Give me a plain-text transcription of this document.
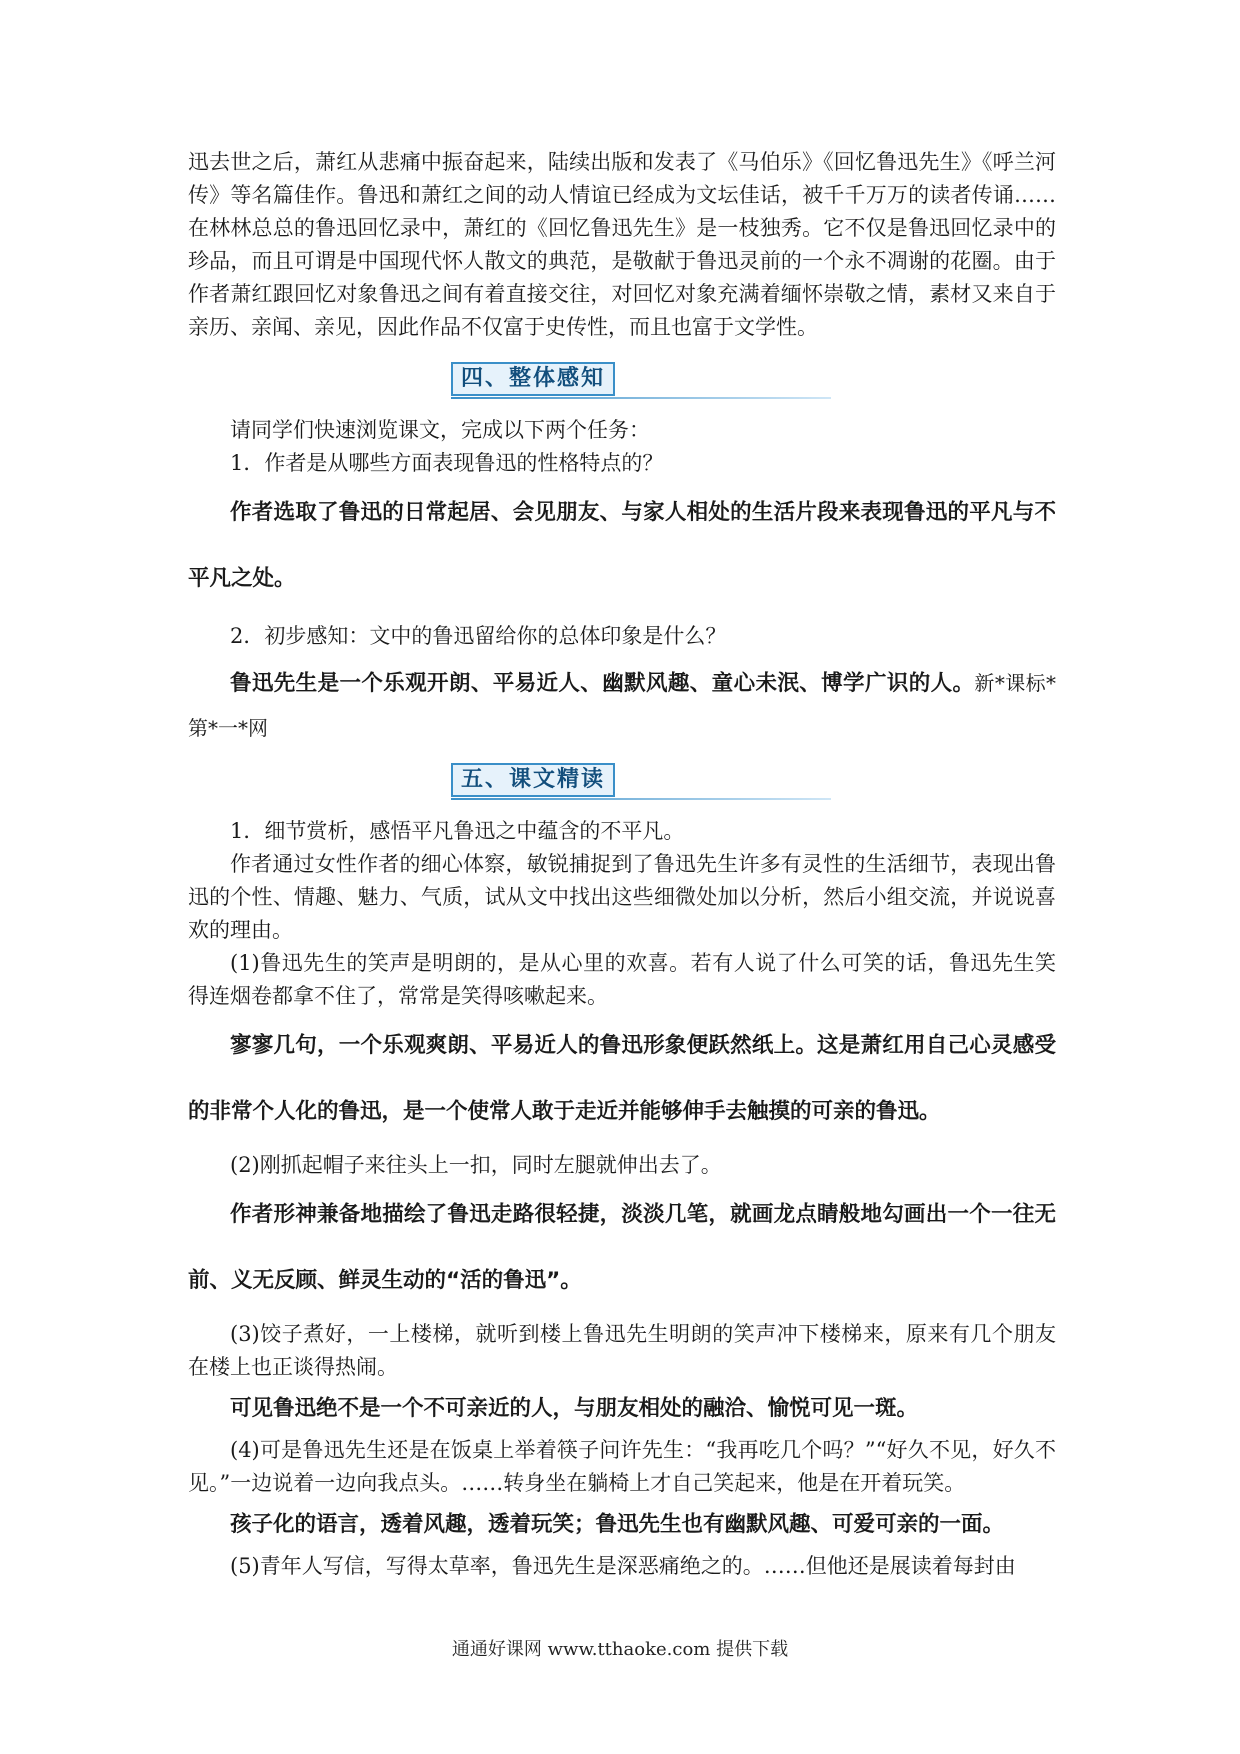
迅去世之后，萧红从悲痛中振奋起来，陆续出版和发表了《马伯乐》《回忆鲁迅先生》《呼兰河传》等名篇佳作。鲁迅和萧红之间的动人情谊已经成为文坛佳话，被千千万万的读者传诵……在林林总总的鲁迅回忆录中，萧红的《回忆鲁迅先生》是一枝独秀。它不仅是鲁迅回忆录中的珍品，而且可谓是中国现代怀人散文的典范，是敬献于鲁迅灵前的一个永不凋谢的花圈。由于作者萧红跟回忆对象鲁迅之间有着直接交往，对回忆对象充满着缅怀崇敬之情，素材又来自于亲历、亲闻、亲见，因此作品不仅富于史传性，而且也富于文学性。

四、整体感知

请同学们快速浏览课文，完成以下两个任务：

1．作者是从哪些方面表现鲁迅的性格特点的？

作者选取了鲁迅的日常起居、会见朋友、与家人相处的生活片段来表现鲁迅的平凡与不平凡之处。

2．初步感知：文中的鲁迅留给你的总体印象是什么？

鲁迅先生是一个乐观开朗、平易近人、幽默风趣、童心未泯、博学广识的人。新*课标*第*一*网

五、课文精读

1．细节赏析，感悟平凡鲁迅之中蕴含的不平凡。

作者通过女性作者的细心体察，敏锐捕捉到了鲁迅先生许多有灵性的生活细节，表现出鲁迅的个性、情趣、魅力、气质，试从文中找出这些细微处加以分析，然后小组交流，并说说喜欢的理由。

(1)鲁迅先生的笑声是明朗的，是从心里的欢喜。若有人说了什么可笑的话，鲁迅先生笑得连烟卷都拿不住了，常常是笑得咳嗽起来。

寥寥几句，一个乐观爽朗、平易近人的鲁迅形象便跃然纸上。这是萧红用自己心灵感受的非常个人化的鲁迅，是一个使常人敢于走近并能够伸手去触摸的可亲的鲁迅。

(2)刚抓起帽子来往头上一扣，同时左腿就伸出去了。

作者形神兼备地描绘了鲁迅走路很轻捷，淡淡几笔，就画龙点睛般地勾画出一个一往无前、义无反顾、鲜灵生动的“活的鲁迅”。

(3)饺子煮好，一上楼梯，就听到楼上鲁迅先生明朗的笑声冲下楼梯来，原来有几个朋友在楼上也正谈得热闹。

可见鲁迅绝不是一个不可亲近的人，与朋友相处的融洽、愉悦可见一斑。

(4)可是鲁迅先生还是在饭桌上举着筷子问许先生：“我再吃几个吗？”“好久不见，好久不见。”一边说着一边向我点头。……转身坐在躺椅上才自己笑起来，他是在开着玩笑。

孩子化的语言，透着风趣，透着玩笑；鲁迅先生也有幽默风趣、可爱可亲的一面。

(5)青年人写信，写得太草率，鲁迅先生是深恶痛绝之的。……但他还是展读着每封由

通通好课网 www.tthaoke.com 提供下载
